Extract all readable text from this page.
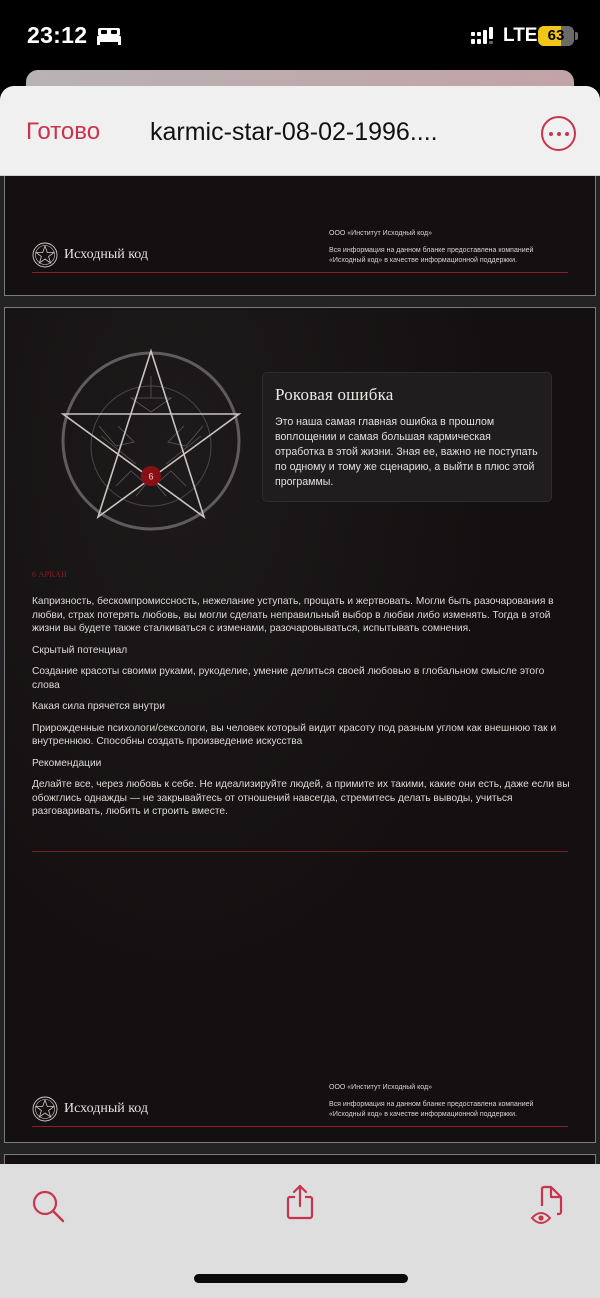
23:12	LTE 63
Готово karmic-star-08-02-1996....
Исходный код
ООО «Институт Исходный код»
Вся информация на данном бланке предоставлена компанией «Исходный код» в качестве информационной поддержки.
6
Роковая ошибка
Это наша самая главная ошибка в прошлом воплощении и самая большая кармическая отработка в этой жизни. Зная ее, важно не поступать по одному и тому же сценарию, а выйти в плюс этой программы.
6 АРКАН

Капризность, бескомпромиссность, нежелание уступать, прощать и жертвовать. Могли быть разочарования в любви, страх потерять любовь, вы могли сделать неправильный выбор в любви либо изменять. Тогда в этой жизни вы будете также сталкиваться с изменами, разочаровываться, испытывать сомнения.

Скрытый потенциал

Создание красоты своими руками, рукоделие, умение делиться своей любовью в глобальном смысле этого слова

Какая сила прячется внутри

Прирожденные психологи/сексологи, вы человек который видит красоту под разным углом как внешнюю так и внутреннюю. Способны создать произведение искусства

Рекомендации

Делайте все, через любовь к себе. Не идеализируйте людей, а примите их такими, какие они есть, даже если вы обожглись однажды — не закрывайтесь от отношений навсегда, стремитесь делать выводы, учиться разговаривать, любить и строить вместе.

Исходный код
ООО «Институт Исходный код»
Вся информация на данном бланке предоставлена компанией «Исходный код» в качестве информационной поддержки.
